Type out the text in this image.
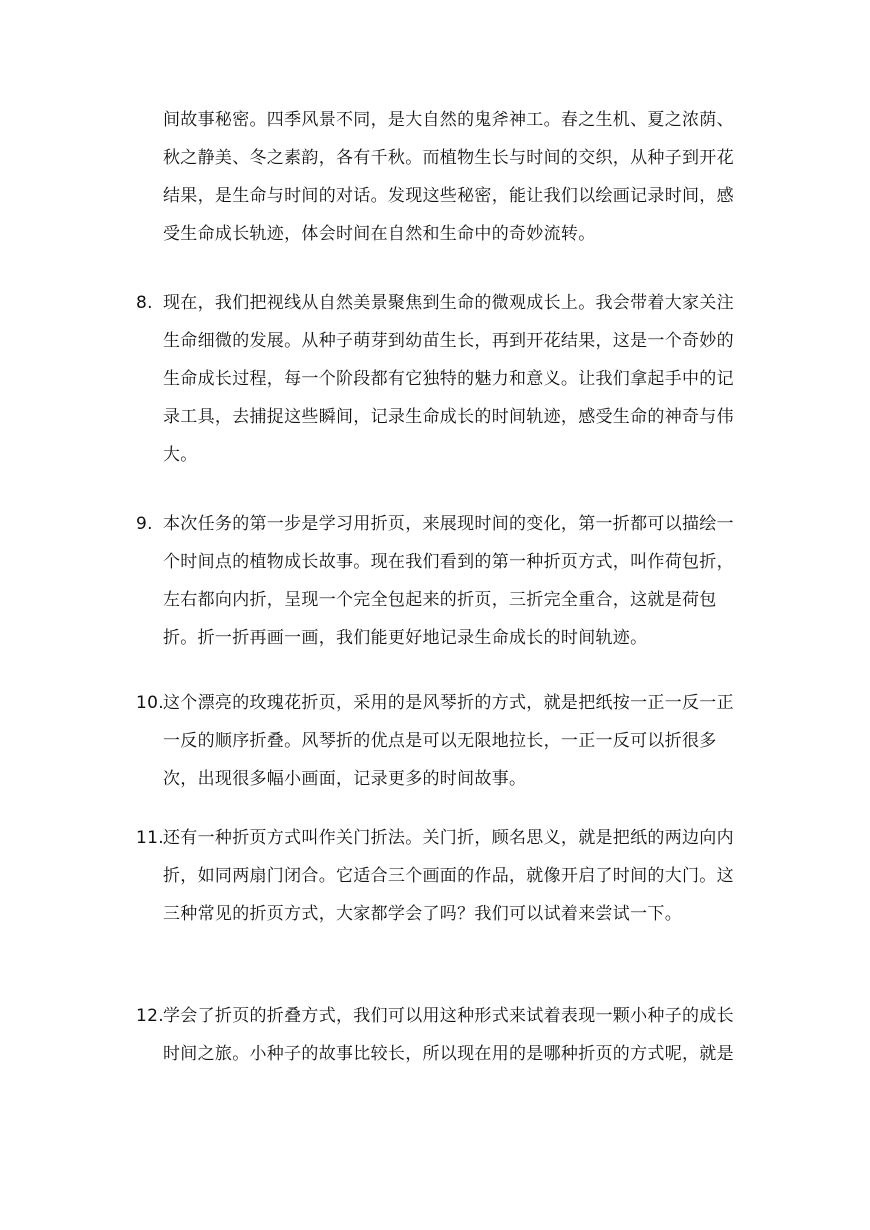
间故事秘密。四季风景不同，是大自然的鬼斧神工。春之生机、夏之浓荫、秋之静美、冬之素韵，各有千秋。而植物生长与时间的交织，从种子到开花结果，是生命与时间的对话。发现这些秘密，能让我们以绘画记录时间，感受生命成长轨迹，体会时间在自然和生命中的奇妙流转。

8. 现在，我们把视线从自然美景聚焦到生命的微观成长上。我会带着大家关注生命细微的发展。从种子萌芽到幼苗生长，再到开花结果，这是一个奇妙的生命成长过程，每一个阶段都有它独特的魅力和意义。让我们拿起手中的记录工具，去捕捉这些瞬间，记录生命成长的时间轨迹，感受生命的神奇与伟大。
9. 本次任务的第一步是学习用折页，来展现时间的变化，第一折都可以描绘一个时间点的植物成长故事。现在我们看到的第一种折页方式，叫作荷包折，左右都向内折，呈现一个完全包起来的折页，三折完全重合，这就是荷包折。折一折再画一画，我们能更好地记录生命成长的时间轨迹。
10. 这个漂亮的玫瑰花折页，采用的是风琴折的方式，就是把纸按一正一反一正一反的顺序折叠。风琴折的优点是可以无限地拉长，一正一反可以折很多次，出现很多幅小画面，记录更多的时间故事。
11. 还有一种折页方式叫作关门折法。关门折，顾名思义，就是把纸的两边向内折，如同两扇门闭合。它适合三个画面的作品，就像开启了时间的大门。这三种常见的折页方式，大家都学会了吗？我们可以试着来尝试一下。
12. 学会了折页的折叠方式，我们可以用这种形式来试着表现一颗小种子的成长时间之旅。小种子的故事比较长，所以现在用的是哪种折页的方式呢，就是
